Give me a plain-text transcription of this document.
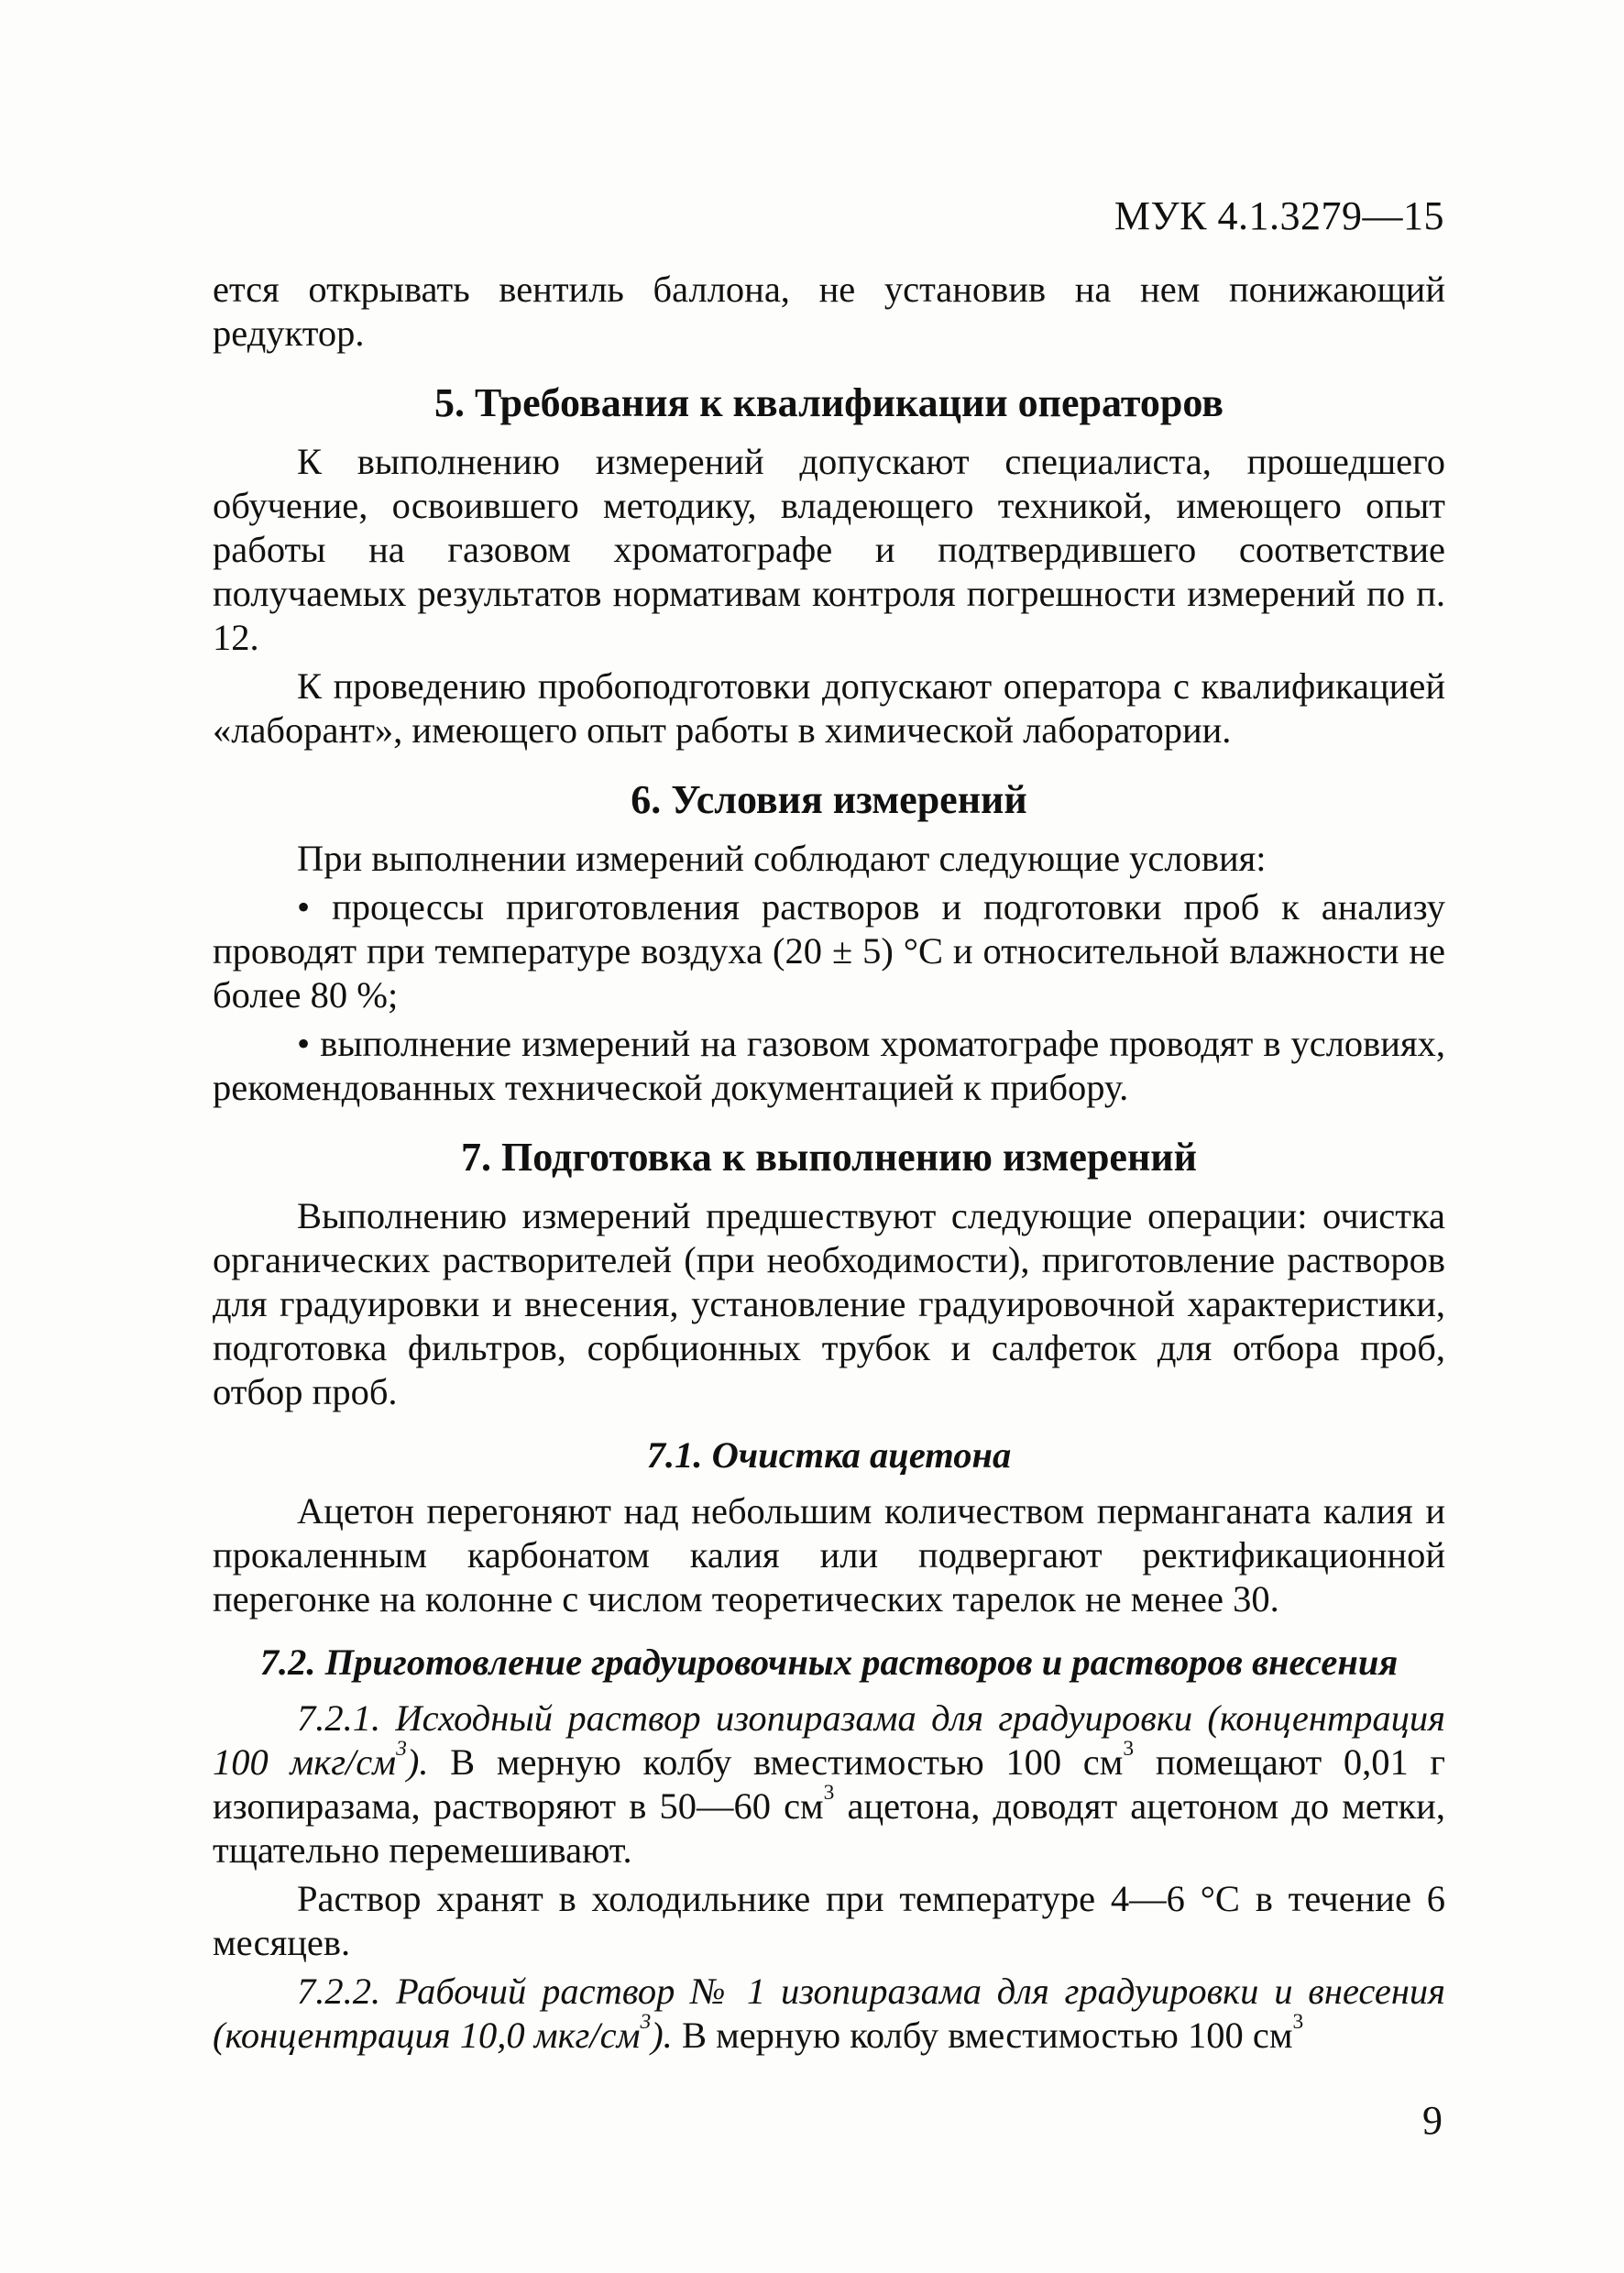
МУК 4.1.3279—15

ется открывать вентиль баллона, не установив на нем понижающий редуктор.

5. Требования к квалификации операторов

К выполнению измерений допускают специалиста, прошедшего обучение, освоившего методику, владеющего техникой, имеющего опыт работы на газовом хроматографе и подтвердившего соответствие получаемых результатов нормативам контроля погрешности измерений по п. 12.

К проведению пробоподготовки допускают оператора с квалификацией «лаборант», имеющего опыт работы в химической лаборатории.

6. Условия измерений

При выполнении измерений соблюдают следующие условия:

• процессы приготовления растворов и подготовки проб к анализу проводят при температуре воздуха (20 ± 5) °С и относительной влажности не более 80 %;

• выполнение измерений на газовом хроматографе проводят в условиях, рекомендованных технической документацией к прибору.

7. Подготовка к выполнению измерений

Выполнению измерений предшествуют следующие операции: очистка органических растворителей (при необходимости), приготовление растворов для градуировки и внесения, установление градуировочной характеристики, подготовка фильтров, сорбционных трубок и салфеток для отбора проб, отбор проб.

7.1. Очистка ацетона

Ацетон перегоняют над небольшим количеством перманганата калия и прокаленным карбонатом калия или подвергают ректификационной перегонке на колонне с числом теоретических тарелок не менее 30.

7.2. Приготовление градуировочных растворов и растворов внесения

7.2.1. Исходный раствор изопиразама для градуировки (концентрация 100 мкг/$см^3$). В мерную колбу вместимостью 100 $см^3$ помещают 0,01 г изопиразама, растворяют в 50—60 $см^3$ ацетона, доводят ацетоном до метки, тщательно перемешивают.

Раствор хранят в холодильнике при температуре 4—6 °С в течение 6 месяцев.

7.2.2. Рабочий раствор № 1 изопиразама для градуировки и внесения (концентрация 10,0 мкг/$см^3$). В мерную колбу вместимостью 100 $см^3$

9
